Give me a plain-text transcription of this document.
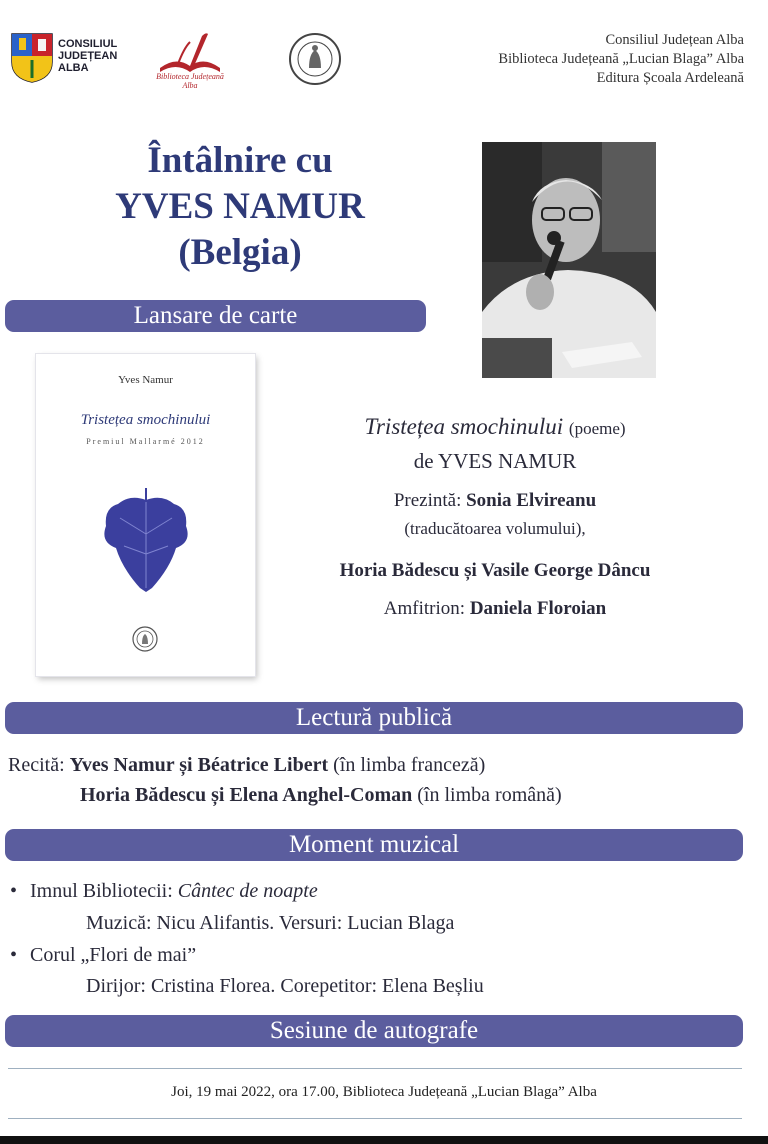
CONSILIUL
JUDEȚEAN
ALBA
Biblioteca Județeană Alba
Consiliul Județean Alba
Biblioteca Județeană „Lucian Blaga” Alba
Editura Școala Ardeleană
Întâlnire cu
YVES NAMUR
(Belgia)
Lansare de carte
Yves Namur
Tristețea smochinului
Premiul Mallarmé 2012
Tristețea smochinului (poeme)
de YVES NAMUR
Prezintă: Sonia Elvireanu
(traducătoarea volumului),
Horia Bădescu și Vasile George Dâncu
Amfitrion: Daniela Floroian
Lectură publică
Recită: Yves Namur și Béatrice Libert (în limba franceză)
Horia Bădescu și Elena Anghel-Coman (în limba română)
Moment muzical
• Imnul Bibliotecii: Cântec de noapte
Muzică: Nicu Alifantis. Versuri: Lucian Blaga
• Corul „Flori de mai”
Dirijor: Cristina Florea. Corepetitor: Elena Beșliu
Sesiune de autografe
Joi, 19 mai 2022, ora 17.00, Biblioteca Județeană „Lucian Blaga” Alba
